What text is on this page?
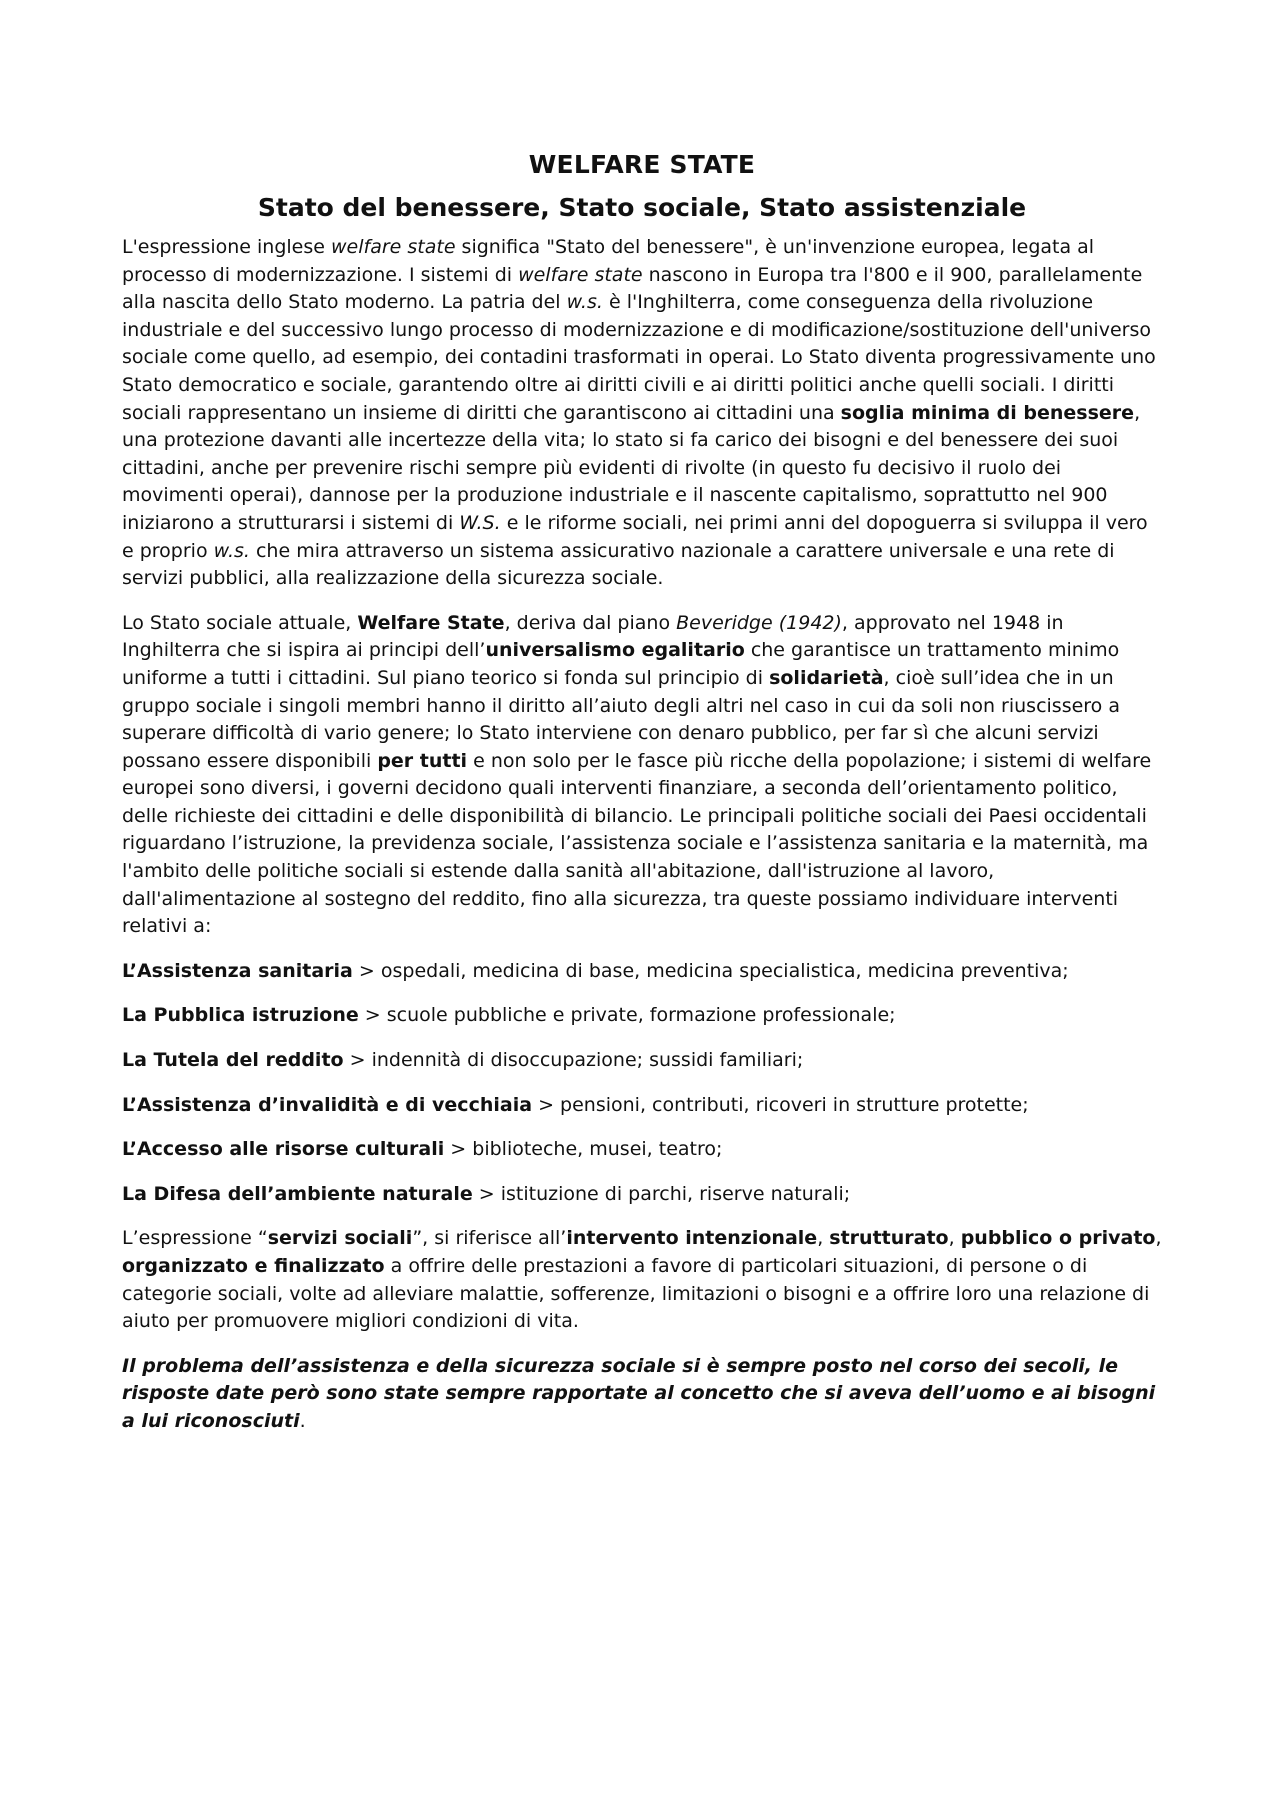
WELFARE STATE
Stato del benessere, Stato sociale, Stato assistenziale

L'espressione inglese welfare state significa "Stato del benessere", è un'invenzione europea, legata al processo di modernizzazione. I sistemi di welfare state nascono in Europa tra l'800 e il 900, parallelamente alla nascita dello Stato moderno. La patria del w.s. è l'Inghilterra, come conseguenza della rivoluzione industriale e del successivo lungo processo di modernizzazione e di modificazione/sostituzione dell'universo sociale come quello, ad esempio, dei contadini trasformati in operai. Lo Stato diventa progressivamente uno Stato democratico e sociale, garantendo oltre ai diritti civili e ai diritti politici anche quelli sociali. I diritti sociali rappresentano un insieme di diritti che garantiscono ai cittadini una soglia minima di benessere, una protezione davanti alle incertezze della vita; lo stato si fa carico dei bisogni e del benessere dei suoi cittadini, anche per prevenire rischi sempre più evidenti di rivolte (in questo fu decisivo il ruolo dei movimenti operai), dannose per la produzione industriale e il nascente capitalismo, soprattutto nel 900 iniziarono a strutturarsi i sistemi di W.S. e le riforme sociali, nei primi anni del dopoguerra si sviluppa il vero e proprio w.s. che mira attraverso un sistema assicurativo nazionale a carattere universale e una rete di servizi pubblici, alla realizzazione della sicurezza sociale.

Lo Stato sociale attuale, Welfare State, deriva dal piano Beveridge (1942), approvato nel 1948 in Inghilterra che si ispira ai principi dell’universalismo egalitario che garantisce un trattamento minimo uniforme a tutti i cittadini. Sul piano teorico si fonda sul principio di solidarietà, cioè sull’idea che in un gruppo sociale i singoli membri hanno il diritto all’aiuto degli altri nel caso in cui da soli non riuscissero a superare difficoltà di vario genere; lo Stato interviene con denaro pubblico, per far sì che alcuni servizi possano essere disponibili per tutti e non solo per le fasce più ricche della popolazione; i sistemi di welfare europei sono diversi, i governi decidono quali interventi finanziare, a seconda dell’orientamento politico, delle richieste dei cittadini e delle disponibilità di bilancio. Le principali politiche sociali dei Paesi occidentali riguardano l’istruzione, la previdenza sociale, l’assistenza sociale e l’assistenza sanitaria e la maternità, ma l'ambito delle politiche sociali si estende dalla sanità all'abitazione, dall'istruzione al lavoro, dall'alimentazione al sostegno del reddito, fino alla sicurezza, tra queste possiamo individuare interventi relativi a:

L’Assistenza sanitaria > ospedali, medicina di base, medicina specialistica, medicina preventiva;

La Pubblica istruzione > scuole pubbliche e private, formazione professionale;

La Tutela del reddito > indennità di disoccupazione; sussidi familiari;

L’Assistenza d’invalidità e di vecchiaia > pensioni, contributi, ricoveri in strutture protette;

L’Accesso alle risorse culturali > biblioteche, musei, teatro;

La Difesa dell’ambiente naturale > istituzione di parchi, riserve naturali;

L’espressione “servizi sociali”, si riferisce all’intervento intenzionale, strutturato, pubblico o privato, organizzato e finalizzato a offrire delle prestazioni a favore di particolari situazioni, di persone o di categorie sociali, volte ad alleviare malattie, sofferenze, limitazioni o bisogni e a offrire loro una relazione di aiuto per promuovere migliori condizioni di vita.

Il problema dell’assistenza e della sicurezza sociale si è sempre posto nel corso dei secoli, le risposte date però sono state sempre rapportate al concetto che si aveva dell’uomo e ai bisogni a lui riconosciuti.
